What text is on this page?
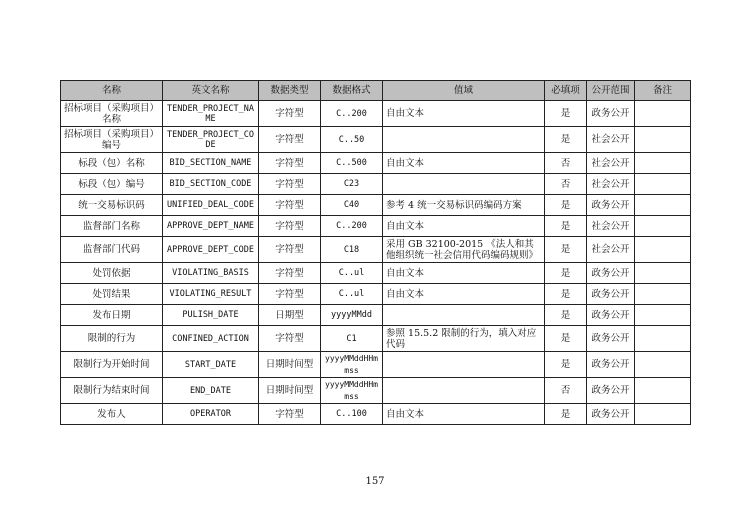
名称	英文名称	数据类型	数据格式	值域	必填项	公开范围	备注
招标项目（采购项目）名称	TENDER_PROJECT_NAME	字符型	C..200	自由文本	是	政务公开	
招标项目（采购项目）编号	TENDER_PROJECT_CODE	字符型	C..50		是	社会公开	
标段（包）名称	BID_SECTION_NAME	字符型	C..500	自由文本	否	社会公开	
标段（包）编号	BID_SECTION_CODE	字符型	C23		否	社会公开	
统一交易标识码	UNIFIED_DEAL_CODE	字符型	C40	参考 4 统一交易标识码编码方案	是	政务公开	
监督部门名称	APPROVE_DEPT_NAME	字符型	C..200	自由文本	是	社会公开	
监督部门代码	APPROVE_DEPT_CODE	字符型	C18	采用 GB 32100-2015 《法人和其他组织统一社会信用代码编码规则》	是	社会公开	
处罚依据	VIOLATING_BASIS	字符型	C..ul	自由文本	是	政务公开	
处罚结果	VIOLATING_RESULT	字符型	C..ul	自由文本	是	政务公开	
发布日期	PULISH_DATE	日期型	yyyyMMdd		是	政务公开	
限制的行为	CONFINED_ACTION	字符型	C1	参照 15.5.2 限制的行为，填入对应代码	是	政务公开	
限制行为开始时间	START_DATE	日期时间型	yyyyMMddHHmmss		是	政务公开	
限制行为结束时间	END_DATE	日期时间型	yyyyMMddHHmmss		否	政务公开	
发布人	OPERATOR	字符型	C..100	自由文本	是	政务公开	
157
